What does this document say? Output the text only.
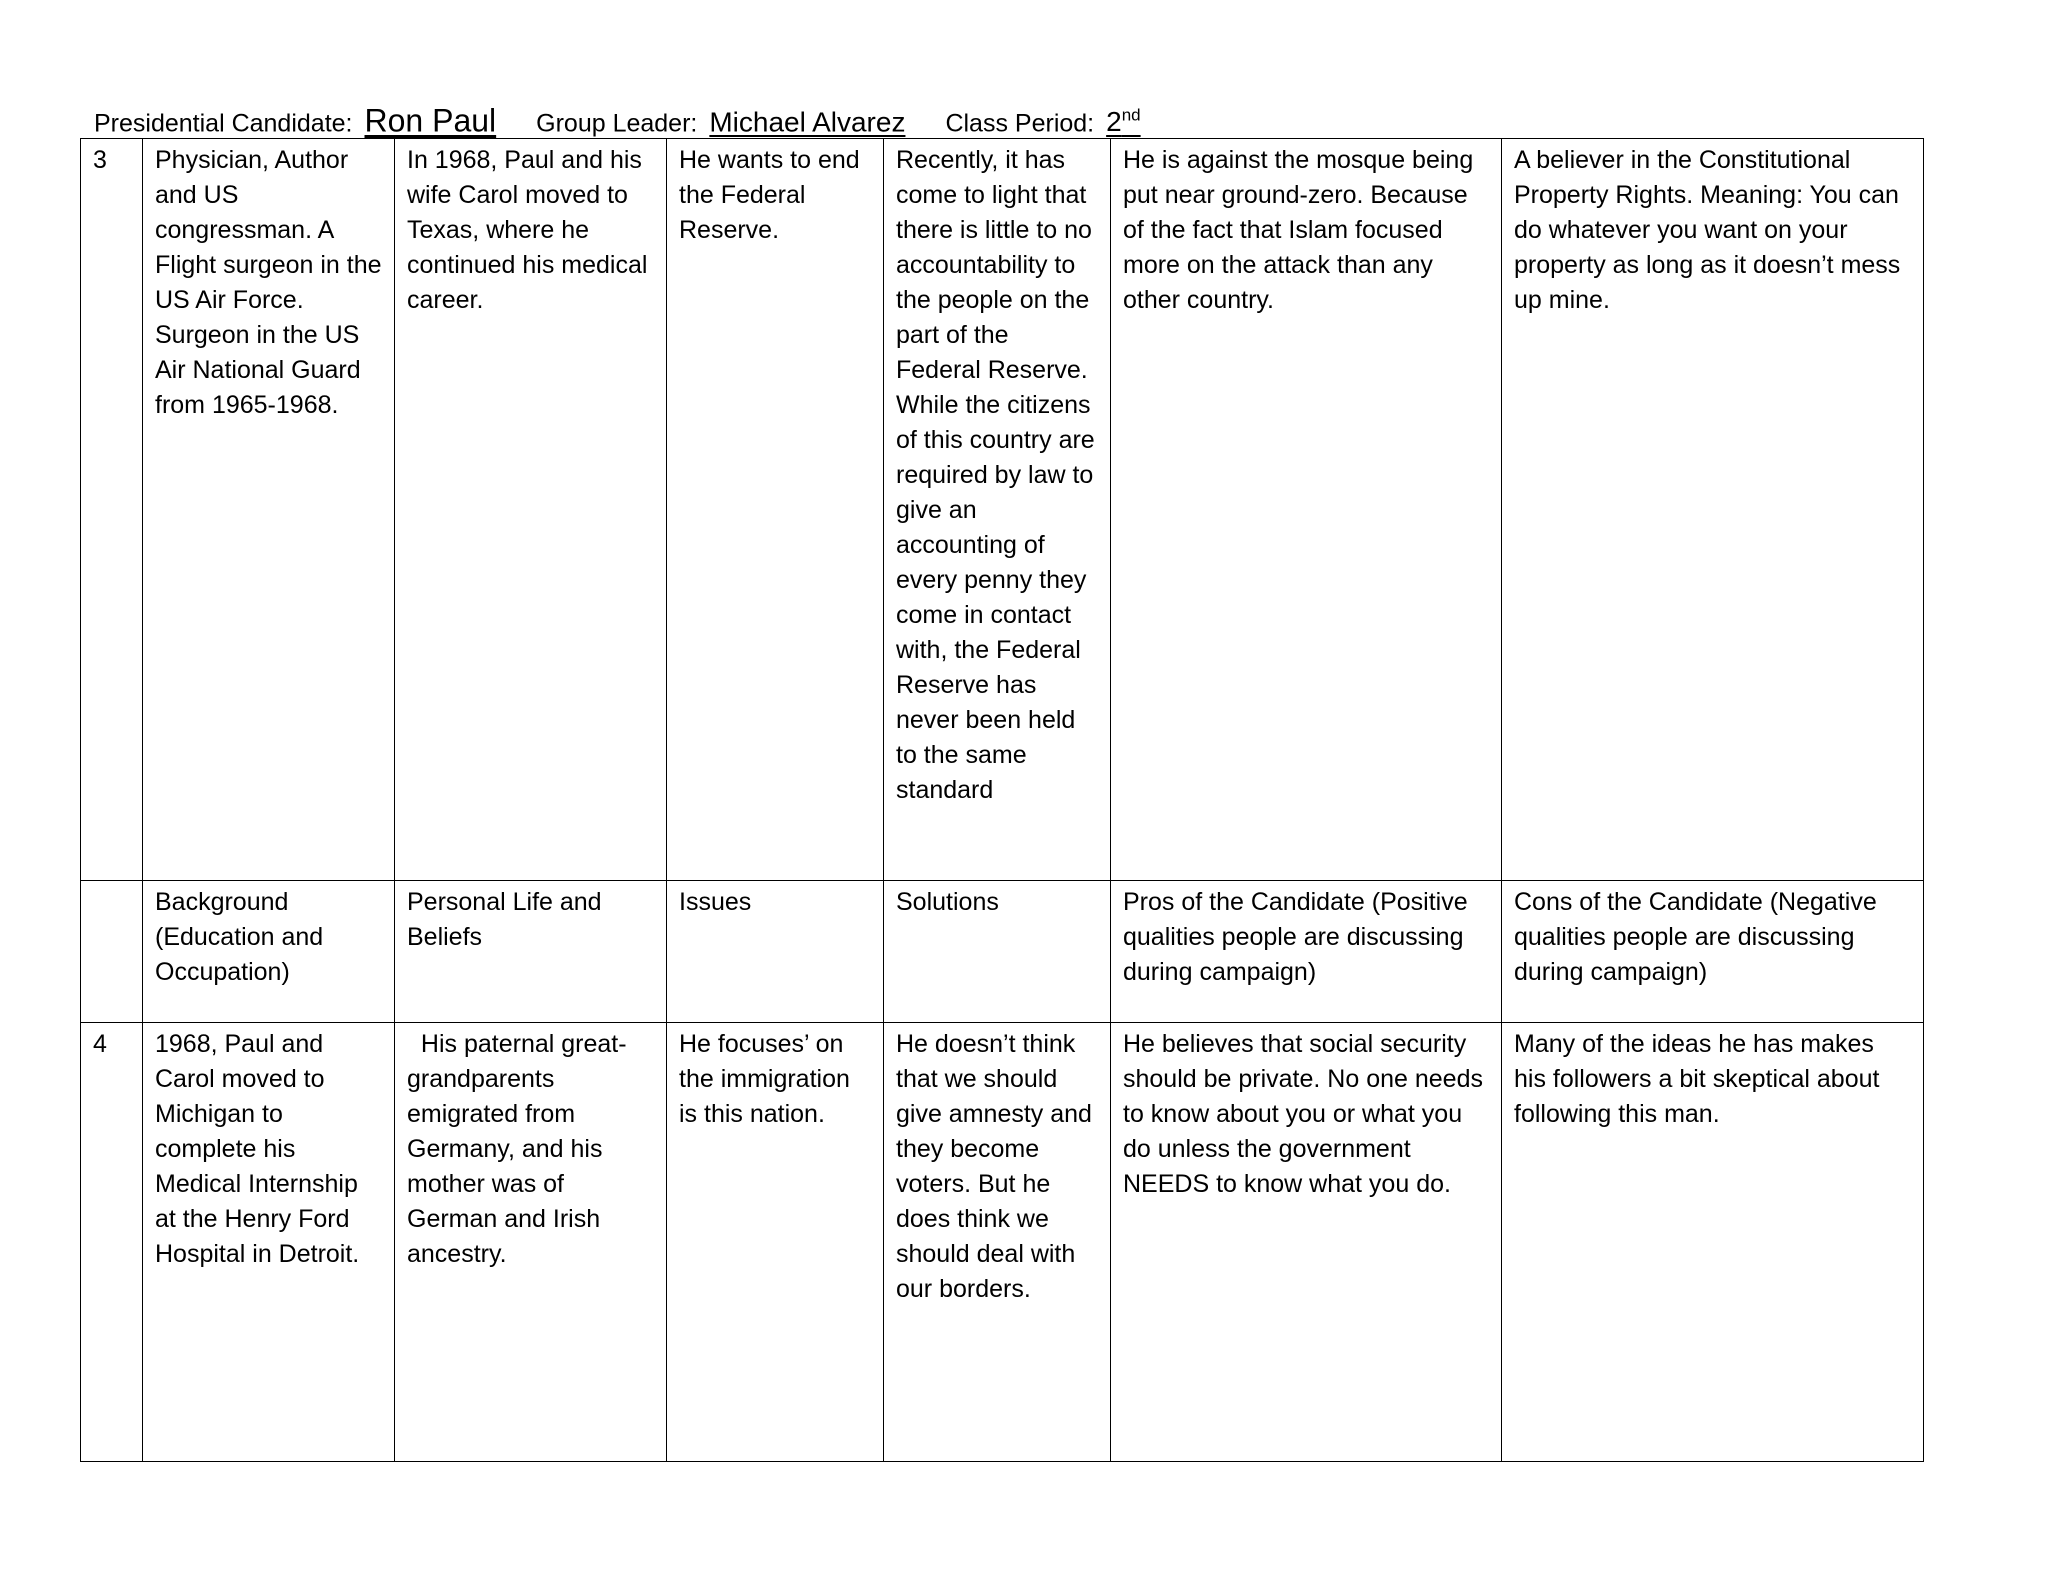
Presidential Candidate: Ron Paul Group Leader: Michael Alvarez Class Period: 2nd
3	Physician, Author and US congressman. A Flight surgeon in the US Air Force. Surgeon in the US Air National Guard from 1965-1968.	In 1968, Paul and his wife Carol moved to Texas, where he continued his medical career.	He wants to end the Federal Reserve.	Recently, it has come to light that there is little to no accountability to the people on the part of the Federal Reserve. While the citizens of this country are required by law to give an accounting of every penny they come in contact with, the Federal Reserve has never been held to the same standard	He is against the mosque being put near ground-zero. Because of the fact that Islam focused more on the attack than any other country.	A believer in the Constitutional Property Rights. Meaning: You can do whatever you want on your property as long as it doesn’t mess up mine.
	Background (Education and Occupation)	Personal Life and Beliefs	Issues	Solutions	Pros of the Candidate (Positive qualities people are discussing during campaign)	Cons of the Candidate (Negative qualities people are discussing during campaign)
4	1968, Paul and Carol moved to Michigan to complete his Medical Internship at the Henry Ford Hospital in Detroit.	His paternal great-grandparents emigrated from Germany, and his mother was of German and Irish ancestry.	He focuses’ on the immigration is this nation.	He doesn’t think that we should give amnesty and they become voters. But he does think we should deal with our borders.	He believes that social security should be private. No one needs to know about you or what you do unless the government NEEDS to know what you do.	Many of the ideas he has makes his followers a bit skeptical about following this man.
